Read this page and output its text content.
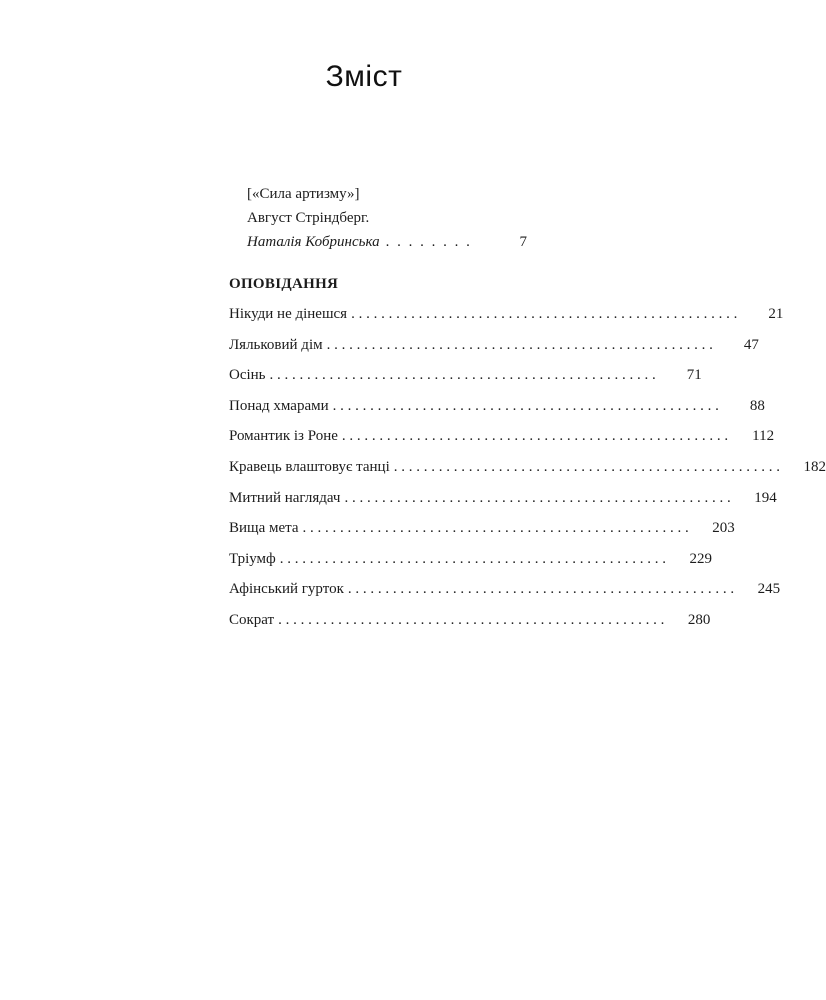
Зміст
[«Сила артизму»]
Август Стріндберг.
Наталія Кобринська . . . . . . . .	7
ОПОВІДАННЯ
Нікуди не дінешся . . .	21
Ляльковий дім . . .	47
Осінь . . .	71
Понад хмарами . . .	88
Романтик із Роне . . .	112
Кравець влаштовує танці . . .	182
Митний наглядач . . .	194
Вища мета . . .	203
Тріумф . . .	229
Афінський гурток . . .	245
Сократ . . .	280
